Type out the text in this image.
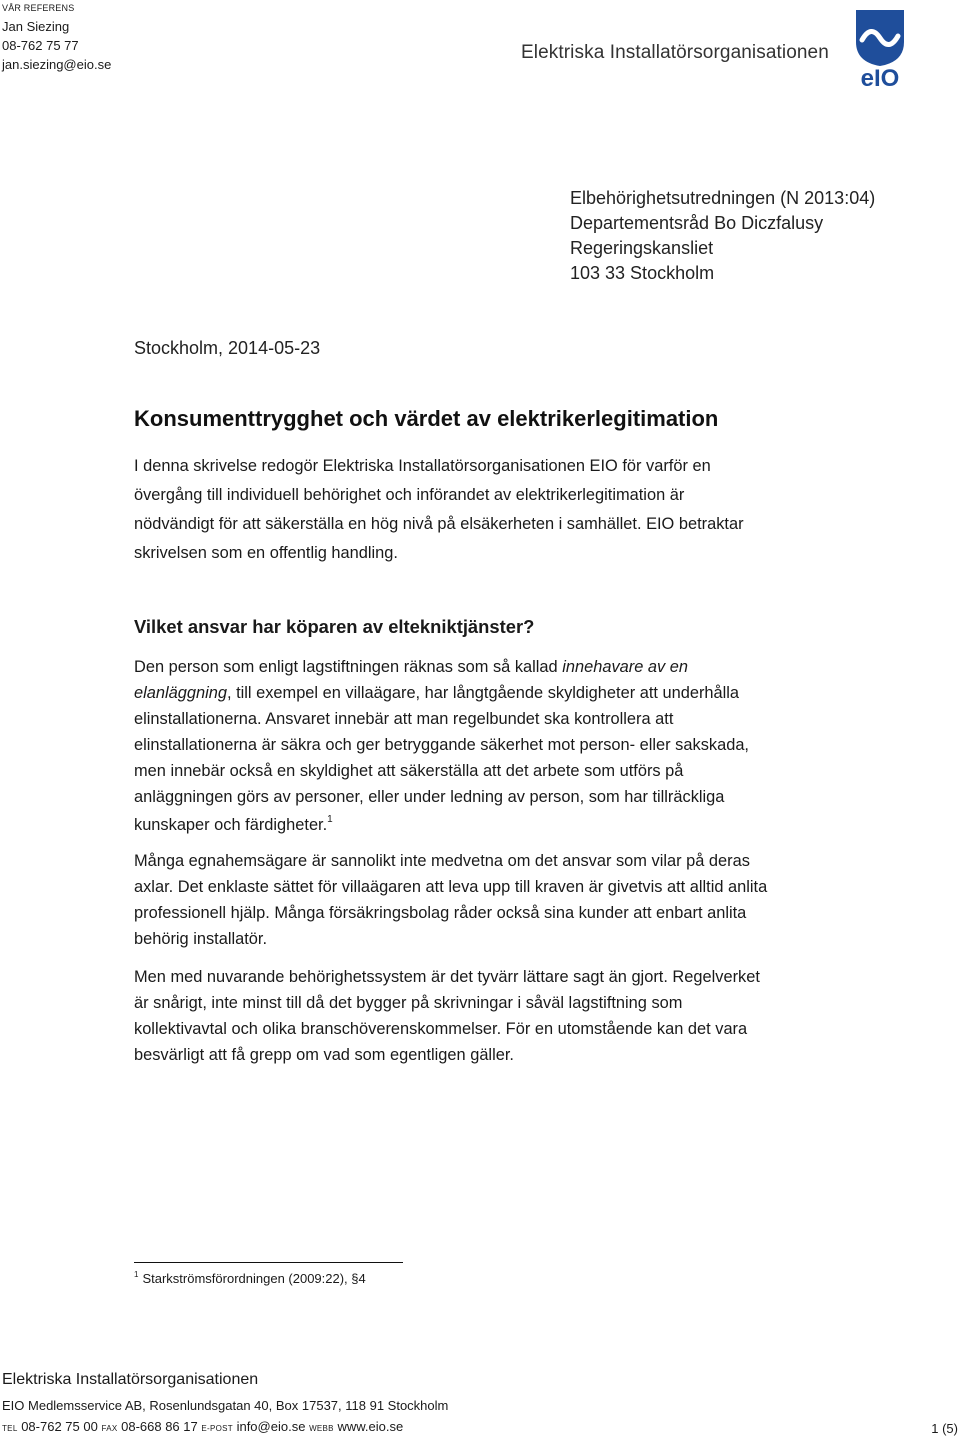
VÅR REFERENS
Jan Siezing
08-762 75 77
jan.siezing@eio.se
Elektriska Installatörsorganisationen
eIO
Elbehörighetsutredningen (N 2013:04)
Departementsråd Bo Diczfalusy
Regeringskansliet
103 33 Stockholm
Stockholm, 2014-05-23
Konsumenttrygghet och värdet av elektrikerlegitimation
I denna skrivelse redogör Elektriska Installatörsorganisationen EIO för varför en
övergång till individuell behörighet och införandet av elektrikerlegitimation är
nödvändigt för att säkerställa en hög nivå på elsäkerheten i samhället. EIO betraktar
skrivelsen som en offentlig handling.
Vilket ansvar har köparen av eltekniktjänster?
Den person som enligt lagstiftningen räknas som så kallad innehavare av en
elanläggning, till exempel en villaägare, har långtgående skyldigheter att underhålla
elinstallationerna. Ansvaret innebär att man regelbundet ska kontrollera att
elinstallationerna är säkra och ger betryggande säkerhet mot person- eller sakskada,
men innebär också en skyldighet att säkerställa att det arbete som utförs på
anläggningen görs av personer, eller under ledning av person, som har tillräckliga
kunskaper och färdigheter.$^1$
Många egnahemsägare är sannolikt inte medvetna om det ansvar som vilar på deras
axlar. Det enklaste sättet för villaägaren att leva upp till kraven är givetvis att alltid anlita
professionell hjälp. Många försäkringsbolag råder också sina kunder att enbart anlita
behörig installatör.
Men med nuvarande behörighetssystem är det tyvärr lättare sagt än gjort. Regelverket
är snårigt, inte minst till då det bygger på skrivningar i såväl lagstiftning som
kollektivavtal och olika branschöverenskommelser. För en utomstående kan det vara
besvärligt att få grepp om vad som egentligen gäller.
$^1$ Starkströmsförordningen (2009:22), §4
Elektriska Installatörsorganisationen
EIO Medlemsservice AB, Rosenlundsgatan 40, Box 17537, 118 91 Stockholm
TEL 08-762 75 00 FAX 08-668 86 17 E-POST info@eio.se WEBB www.eio.se	1 (5)
